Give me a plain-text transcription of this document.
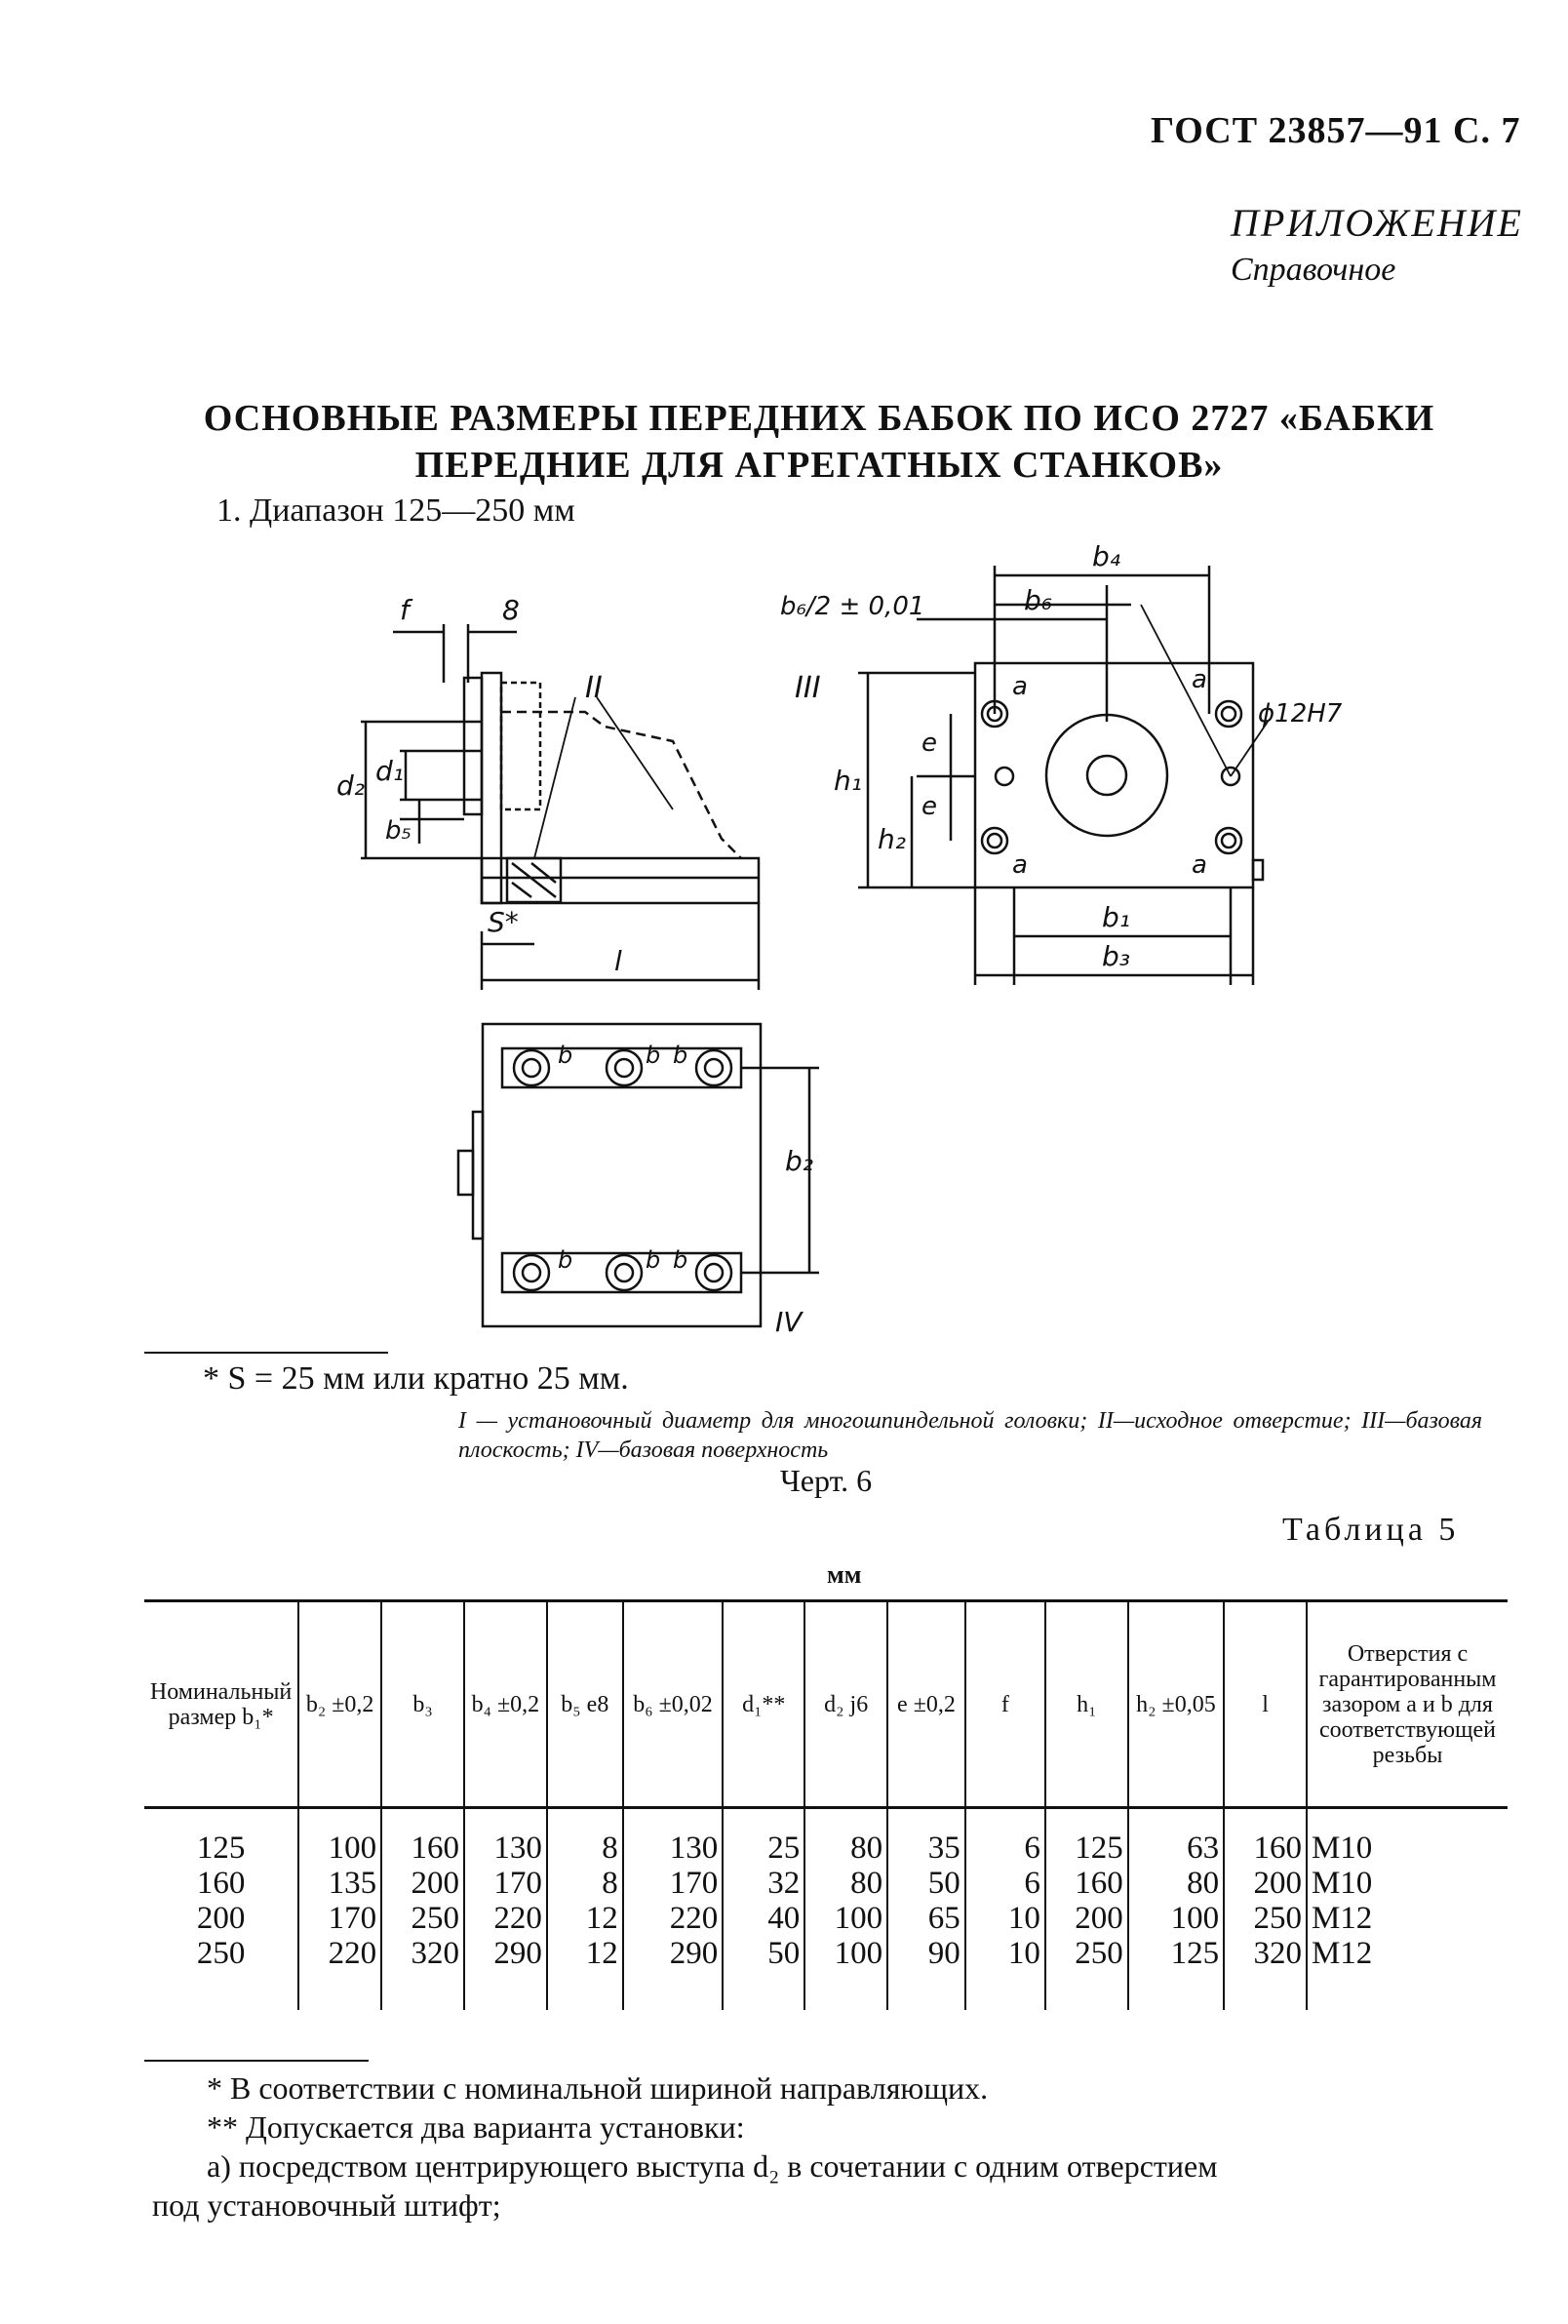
ГОСТ 23857—91 С. 7
ПРИЛОЖЕНИЕ
Справочное
ОСНОВНЫЕ РАЗМЕРЫ ПЕРЕДНИХ БАБОК ПО ИСО 2727 «БАБКИ ПЕРЕДНИЕ ДЛЯ АГРЕГАТНЫХ СТАНКОВ»
1. Диапазон 125—250 мм
f	8
II
d₂ d₁
b₅
S*
l
b₆/2 ± 0,01
b₄
b₆
III
h₁
h₂
e
e
a	a
a	a
ϕ12H7
b₁
b₃
b	b b
b	b b
b₂
IV
* S = 25 мм или кратно 25 мм.
I — установочный диаметр для многошпиндельной головки; II—исходное отверстие; III—базовая плоскость; IV—базовая поверхность
Черт. 6
Таблица 5
мм
Номинальный размер b₁*	b₂ ±0,2	b₃	b₄ ±0,2	b₅ e8	b₆ ±0,02	d₁**	d₂ j6	e ±0,2	f	h₁	h₂ ±0,05	l	Отверстия с гарантированным зазором a и b для соответствующей резьбы

125	100	160	130	8	130	25	80	35	6	125	63	160	M10
160	135	200	170	8	170	32	80	50	6	160	80	200	M10
200	170	250	220	12	220	40	100	65	10	200	100	250	M12
250	220	320	290	12	290	50	100	90	10	250	125	320	M12

* В соответствии с номинальной шириной направляющих.
** Допускается два варианта установки:
а) посредством центрирующего выступа d₂ в сочетании с одним отверстием
под установочный штифт;
